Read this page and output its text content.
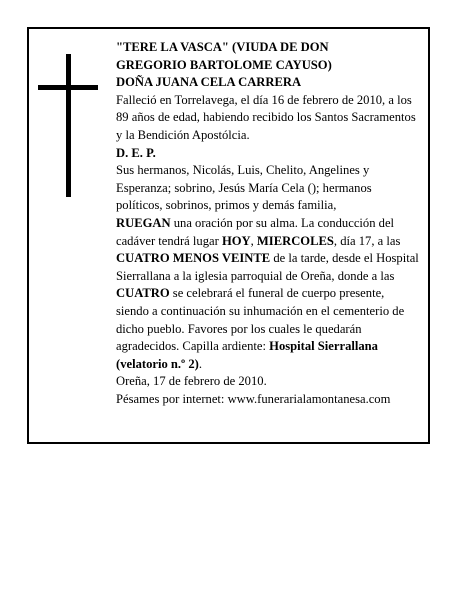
"TERE LA VASCA" (VIUDA DE DON
GREGORIO BARTOLOME CAYUSO)
DOÑA JUANA CELA CARRERA

Falleció en Torrelavega, el día 16 de febrero de 2010, a los 89 años de edad, habiendo recibido los Santos Sacramentos y la Bendición Apostólcia.

D. E. P.

Sus hermanos, Nicolás, Luis, Chelito, Angelines y Esperanza; sobrino, Jesús María Cela (); hermanos políticos, sobrinos, primos y demás familia,

RUEGAN una oración por su alma. La conducción del cadáver tendrá lugar HOY, MIERCOLES, día 17, a las CUATRO MENOS VEINTE de la tarde, desde el Hospital Sierrallana a la iglesia parroquial de Oreña, donde a las CUATRO se celebrará el funeral de cuerpo presente, siendo a continuación su inhumación en el cementerio de dicho pueblo. Favores por los cuales le quedarán agradecidos. Capilla ardiente: Hospital Sierrallana (velatorio n.º 2).

Oreña, 17 de febrero de 2010.

Pésames por internet: www.funerarialamontanesa.com
